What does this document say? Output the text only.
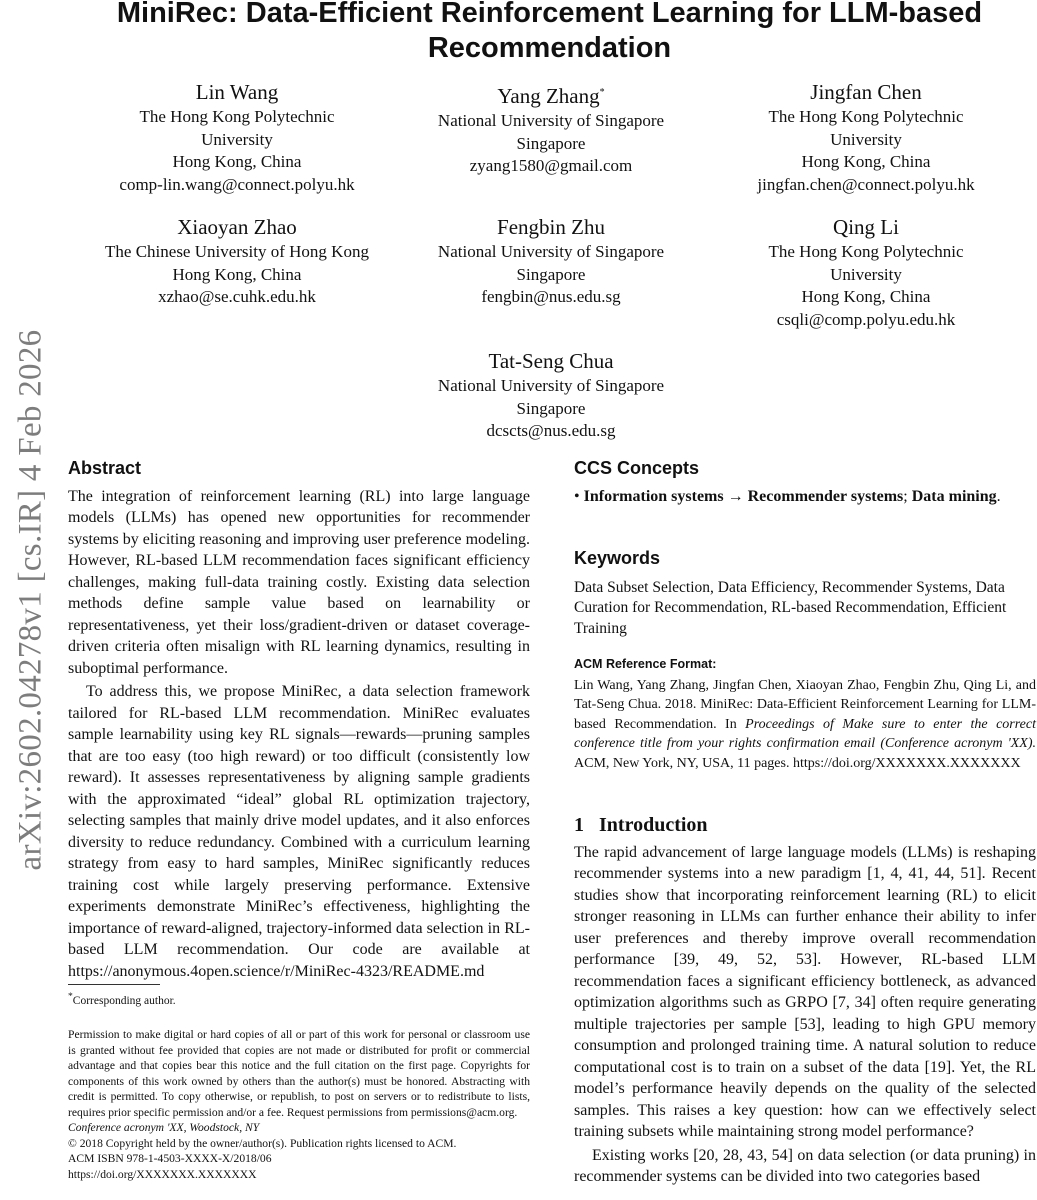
arXiv:2602.04278v1 [cs.IR] 4 Feb 2026
MiniRec: Data-Efficient Reinforcement Learning for LLM-based Recommendation
Lin Wang
The Hong Kong Polytechnic
University
Hong Kong, China
comp-lin.wang@connect.polyu.hk
Yang Zhang*
National University of Singapore
Singapore
zyang1580@gmail.com
Jingfan Chen
The Hong Kong Polytechnic
University
Hong Kong, China
jingfan.chen@connect.polyu.hk
Xiaoyan Zhao
The Chinese University of Hong Kong
Hong Kong, China
xzhao@se.cuhk.edu.hk
Fengbin Zhu
National University of Singapore
Singapore
fengbin@nus.edu.sg
Qing Li
The Hong Kong Polytechnic
University
Hong Kong, China
csqli@comp.polyu.edu.hk
Tat-Seng Chua
National University of Singapore
Singapore
dcscts@nus.edu.sg
Abstract

The integration of reinforcement learning (RL) into large language models (LLMs) has opened new opportunities for recommender systems by eliciting reasoning and improving user preference modeling. However, RL-based LLM recommendation faces significant efficiency challenges, making full-data training costly. Existing data selection methods define sample value based on learnability or representativeness, yet their loss/gradient-driven or dataset coverage-driven criteria often misalign with RL learning dynamics, resulting in suboptimal performance.

To address this, we propose MiniRec, a data selection framework tailored for RL-based LLM recommendation. MiniRec evaluates sample learnability using key RL signals—rewards—pruning samples that are too easy (too high reward) or too difficult (consistently low reward). It assesses representativeness by aligning sample gradients with the approximated “ideal” global RL optimization trajectory, selecting samples that mainly drive model updates, and it also enforces diversity to reduce redundancy. Combined with a curriculum learning strategy from easy to hard samples, MiniRec significantly reduces training cost while largely preserving performance. Extensive experiments demonstrate MiniRec’s effectiveness, highlighting the importance of reward-aligned, trajectory-informed data selection in RL-based LLM recommendation. Our code are available at https://anonymous.4open.science/r/MiniRec-4323/README.md

*Corresponding author.

Permission to make digital or hard copies of all or part of this work for personal or classroom use is granted without fee provided that copies are not made or distributed for profit or commercial advantage and that copies bear this notice and the full citation on the first page. Copyrights for components of this work owned by others than the author(s) must be honored. Abstracting with credit is permitted. To copy otherwise, or republish, to post on servers or to redistribute to lists, requires prior specific permission and/or a fee. Request permissions from permissions@acm.org.

Conference acronym 'XX, Woodstock, NY

© 2018 Copyright held by the owner/author(s). Publication rights licensed to ACM.

ACM ISBN 978-1-4503-XXXX-X/2018/06

https://doi.org/XXXXXXX.XXXXXXX

CCS Concepts

• Information systems → Recommender systems; Data mining.

Keywords

Data Subset Selection, Data Efficiency, Recommender Systems, Data Curation for Recommendation, RL-based Recommendation, Efficient Training

ACM Reference Format:

Lin Wang, Yang Zhang, Jingfan Chen, Xiaoyan Zhao, Fengbin Zhu, Qing Li, and Tat-Seng Chua. 2018. MiniRec: Data-Efficient Reinforcement Learning for LLM-based Recommendation. In Proceedings of Make sure to enter the correct conference title from your rights confirmation email (Conference acronym 'XX). ACM, New York, NY, USA, 11 pages. https://doi.org/XXXXXXX.XXXXXXX

1 Introduction

The rapid advancement of large language models (LLMs) is reshaping recommender systems into a new paradigm [1, 4, 41, 44, 51]. Recent studies show that incorporating reinforcement learning (RL) to elicit stronger reasoning in LLMs can further enhance their ability to infer user preferences and thereby improve overall recommendation performance [39, 49, 52, 53]. However, RL-based LLM recommendation faces a significant efficiency bottleneck, as advanced optimization algorithms such as GRPO [7, 34] often require generating multiple trajectories per sample [53], leading to high GPU memory consumption and prolonged training time. A natural solution to reduce computational cost is to train on a subset of the data [19]. Yet, the RL model’s performance heavily depends on the quality of the selected samples. This raises a key question: how can we effectively select training subsets while maintaining strong model performance?

Existing works [20, 28, 43, 54] on data selection (or data pruning) in recommender systems can be divided into two categories based
